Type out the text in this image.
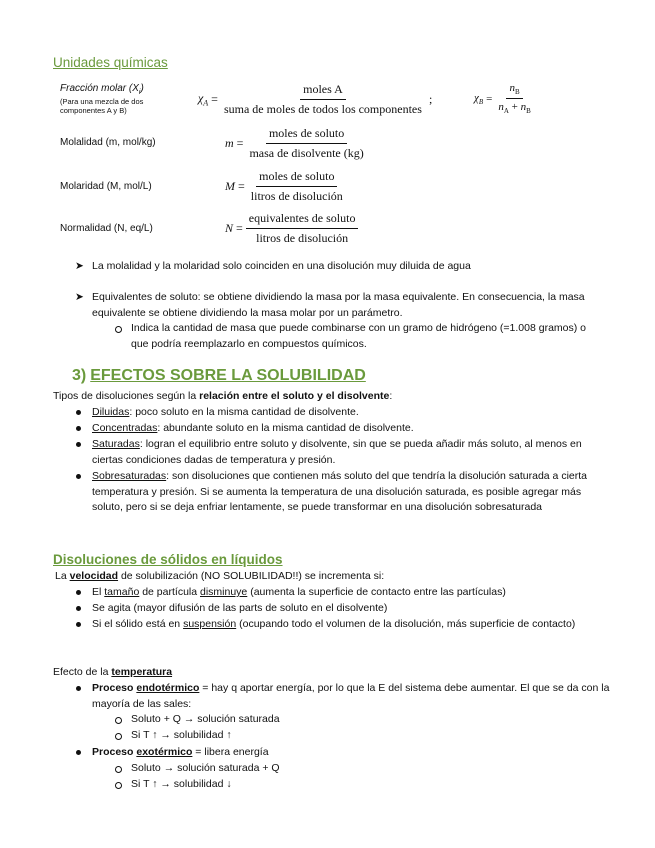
Unidades químicas
Fracción molar $(X_i)$
(Para una mezcla de dos componentes A y B)
$\chi_A = \frac{\text{moles A}}{\text{suma de moles de todos los componentes}}$ ;	$\chi_B = \frac{n_B}{n_A + n_B}$
Molalidad (m, mol/kg)	$m = \frac{\text{moles de soluto}}{\text{masa de disolvente (kg)}}$
Molaridad (M, mol/L)	$M = \frac{\text{moles de soluto}}{\text{litros de disolución}}$
Normalidad (N, eq/L)	$N = \frac{\text{equivalentes de soluto}}{\text{litros de disolución}}$
➤ La molalidad y la molaridad solo coinciden en una disolución muy diluida de agua
➤ Equivalentes de soluto: se obtiene dividiendo la masa por la masa equivalente. En consecuencia, la masa equivalente se obtiene dividiendo la masa molar por un parámetro.
Indica la cantidad de masa que puede combinarse con un gramo de hidrógeno (=1.008 gramos) o que podría reemplazarlo en compuestos químicos.
3) EFECTOS SOBRE LA SOLUBILIDAD
Tipos de disoluciones según la relación entre el soluto y el disolvente:
Diluidas: poco soluto en la misma cantidad de disolvente.
Concentradas: abundante soluto en la misma cantidad de disolvente.
Saturadas: logran el equilibrio entre soluto y disolvente, sin que se pueda añadir más soluto, al menos en ciertas condiciones dadas de temperatura y presión.
Sobresaturadas: son disoluciones que contienen más soluto del que tendría la disolución saturada a cierta temperatura y presión. Si se aumenta la temperatura de una disolución saturada, es posible agregar más soluto, pero si se deja enfriar lentamente, se puede transformar en una disolución sobresaturada
Disoluciones de sólidos en líquidos
La velocidad de solubilización (NO SOLUBILIDAD!!) se incrementa si:
El tamaño de partícula disminuye (aumenta la superficie de contacto entre las partículas)
Se agita (mayor difusión de las parts de soluto en el disolvente)
Si el sólido está en suspensión (ocupando todo el volumen de la disolución, más superficie de contacto)
Efecto de la temperatura
Proceso endotérmico = hay q aportar energía, por lo que la E del sistema debe aumentar. El que se da con la mayoría de las sales:
Soluto + Q → solución saturada
Si T ↑ → solubilidad ↑
Proceso exotérmico = libera energía
Soluto → solución saturada + Q
Si T ↑ → solubilidad ↓
